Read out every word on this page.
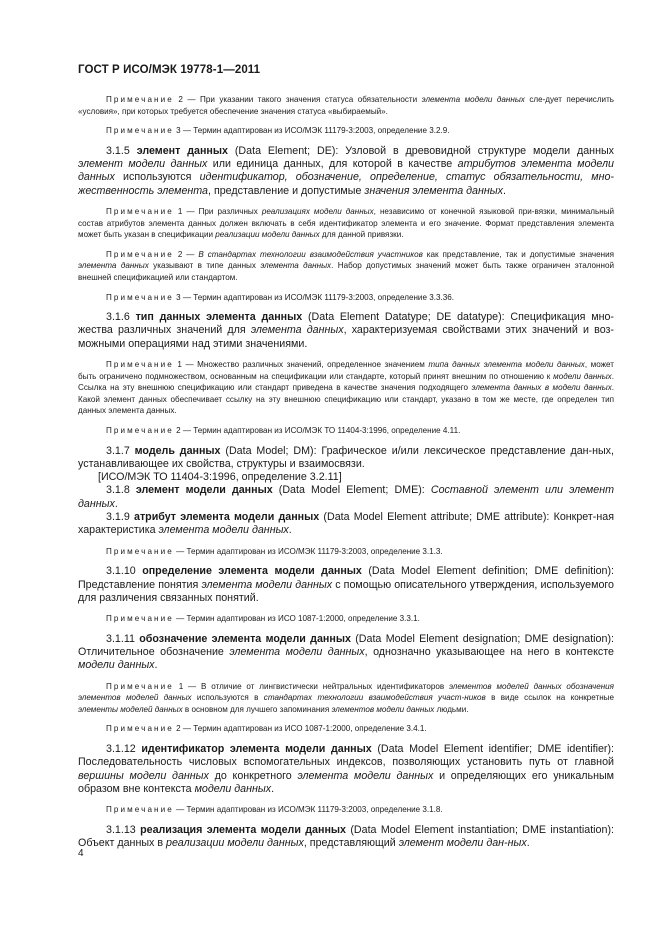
ГОСТ Р ИСО/МЭК 19778-1—2011

Примечание 2 — При указании такого значения статуса обязательности элемента модели данных сле-дует перечислить «условия», при которых требуется обеспечение значения статуса «выбираемый».

Примечание 3 — Термин адаптирован из ИСО/МЭК 11179-3:2003, определение 3.2.9.

3.1.5 элемент данных (Data Element; DE): Узловой в древовидной структуре модели данных элемент модели данных или единица данных, для которой в качестве атрибутов элемента модели данных используются идентификатор, обозначение, определение, статус обязательности, мно-жественность элемента, представление и допустимые значения элемента данных.

Примечание 1 — При различных реализациях модели данных, независимо от конечной языковой при-вязки, минимальный состав атрибутов элемента данных должен включать в себя идентификатор элемента и его значение. Формат представления элемента может быть указан в спецификации реализации модели данных для данной привязки.

Примечание 2 — В стандартах технологии взаимодействия участников как представление, так и допустимые значения элемента данных указывают в типе данных элемента данных. Набор допустимых значений может быть также ограничен эталонной внешней спецификацией или стандартом.

Примечание 3 — Термин адаптирован из ИСО/МЭК 11179-3:2003, определение 3.3.36.

3.1.6 тип данных элемента данных (Data Element Datatype; DE datatype): Спецификация мно-жества различных значений для элемента данных, характеризуемая свойствами этих значений и воз-можными операциями над этими значениями.

Примечание 1 — Множество различных значений, определенное значением типа данных элемента модели данных, может быть ограничено подмножеством, основанным на спецификации или стандарте, который принят внешним по отношению к модели данных. Ссылка на эту внешнюю спецификацию или стандарт приведена в качестве значения подходящего элемента данных в модели данных. Какой элемент данных обеспечивает ссылку на эту внешнюю спецификацию или стандарт, указано в том же месте, где определен тип данных элемента данных.

Примечание 2 — Термин адаптирован из ИСО/МЭК ТО 11404-3:1996, определение 4.11.

3.1.7 модель данных (Data Model; DM): Графическое и/или лексическое представление дан-ных, устанавливающее их свойства, структуры и взаимосвязи.

[ИСО/МЭК ТО 11404-3:1996, определение 3.2.11]

3.1.8 элемент модели данных (Data Model Element; DME): Составной элемент или элемент данных.

3.1.9 атрибут элемента модели данных (Data Model Element attribute; DME attribute): Конкрет-ная характеристика элемента модели данных.

Примечание — Термин адаптирован из ИСО/МЭК 11179-3:2003, определение 3.1.3.

3.1.10 определение элемента модели данных (Data Model Element definition; DME definition): Представление понятия элемента модели данных с помощью описательного утверждения, используемого для различения связанных понятий.

Примечание — Термин адаптирован из ИСО 1087-1:2000, определение 3.3.1.

3.1.11 обозначение элемента модели данных (Data Model Element designation; DME designation): Отличительное обозначение элемента модели данных, однозначно указывающее на него в контексте модели данных.

Примечание 1 — В отличие от лингвистически нейтральных идентификаторов элементов моделей данных обозначения элементов моделей данных используются в стандартах технологии взаимодействия участ-ников в виде ссылок на конкретные элементы моделей данных в основном для лучшего запоминания элементов модели данных людьми.

Примечание 2 — Термин адаптирован из ИСО 1087-1:2000, определение 3.4.1.

3.1.12 идентификатор элемента модели данных (Data Model Element identifier; DME identifier): Последовательность числовых вспомогательных индексов, позволяющих установить путь от главной вершины модели данных до конкретного элемента модели данных и определяющих его уникальным образом вне контекста модели данных.

Примечание — Термин адаптирован из ИСО/МЭК 11179-3:2003, определение 3.1.8.

3.1.13 реализация элемента модели данных (Data Model Element instantiation; DME instantiation): Объект данных в реализации модели данных, представляющий элемент модели дан-ных.

4
